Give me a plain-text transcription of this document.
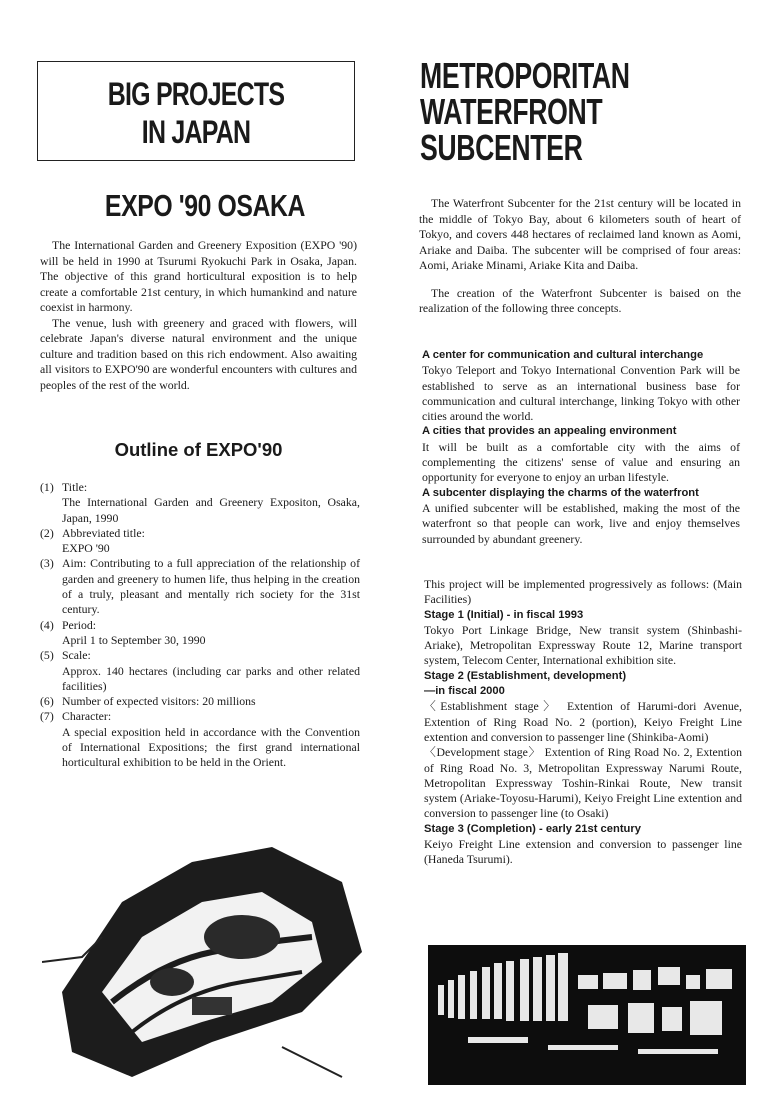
BIG PROJECTS
IN JAPAN
EXPO '90 OSAKA

The International Garden and Greenery Exposition (EXPO '90) will be held in 1990 at Tsurumi Ryokuchi Park in Osaka, Japan. The objective of this grand horticultural exposition is to help create a comfortable 21st century, in which humankind and nature coexist in harmony.

The venue, lush with greenery and graced with flowers, will celebrate Japan's diverse natural environment and the unique culture and tradition based on this rich endowment. Also awaiting all visitors to EXPO'90 are wonderful encounters with cultures and peoples of the rest of the world.

Outline of EXPO'90
(1) Title:
The International Garden and Greenery Expositon, Osaka, Japan, 1990
(2) Abbreviated title:
EXPO '90
(3) Aim: Contributing to a full appreciation of the relationship of garden and greenery to humen life, thus helping in the creation of a truly, pleasant and mentally rich society for the 31st century.
(4) Period:
April 1 to September 30, 1990
(5) Scale:
Approx. 140 hectares (including car parks and other related facilities)
(6) Number of expected visitors: 20 millions
(7) Character:
A special exposition held in accordance with the Convention of International Expositions; the first grand international horticultural exhibition to be held in the Orient.
METROPORITAN
WATERFRONT
SUBCENTER

The Waterfront Subcenter for the 21st century will be located in the middle of Tokyo Bay, about 6 kilometers south of heart of Tokyo, and covers 448 hectares of reclaimed land known as Aomi, Ariake and Daiba. The subcenter will be comprised of four areas: Aomi, Ariake Minami, Ariake Kita and Daiba.

The creation of the Waterfront Subcenter is baised on the realization of the following three concepts.

A center for communication and cultural interchange
Tokyo Teleport and Tokyo International Convention Park will be established to serve as an international business base for communication and cultural interchange, linking Tokyo with other cities around the world.
A cities that provides an appealing environment
It will be built as a comfortable city with the aims of complementing the citizens' sense of value and ensuring an opportunity for everyone to enjoy an urban lifestyle.
A subcenter displaying the charms of the waterfront
A unified subcenter will be established, making the most of the waterfront so that people can work, live and enjoy themselves surrounded by abundant greenery.
This project will be implemented progressively as follows: (Main Facilities)
Stage 1 (Initial) - in fiscal 1993
Tokyo Port Linkage Bridge, New transit system (Shinbashi-Ariake), Metropolitan Expressway Route 12, Marine transport system, Telecom Center, International exhibition site.
Stage 2 (Establishment, development)
—in fiscal 2000
〈Establishment stage〉 Extention of Harumi-dori Avenue, Extention of Ring Road No. 2 (portion), Keiyo Freight Line extention and conversion to passenger line (Shinkiba-Aomi)
〈Development stage〉 Extention of Ring Road No. 2, Extention of Ring Road No. 3, Metropolitan Expressway Narumi Route, Metropolitan Expressway Toshin-Rinkai Route, New transit system (Ariake-Toyosu-Harumi), Keiyo Freight Line extention and conversion to passenger line (to Osaki)
Stage 3 (Completion) - early 21st century
Keiyo Freight Line extension and conversion to passenger line (Haneda Tsurumi).
